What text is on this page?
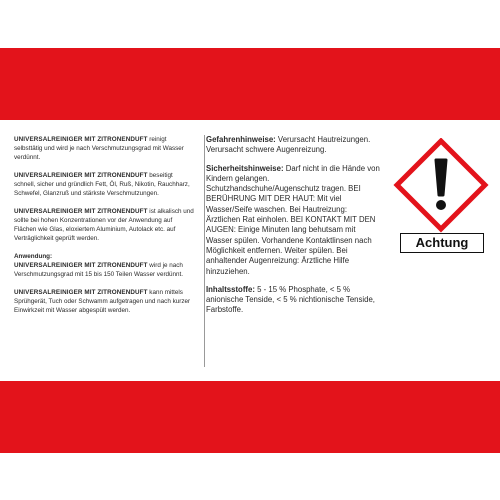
UNIVERSALREINIGER MIT ZITRONENDUFT reinigt selbsttätig und wird je nach Verschmutzungsgrad mit Wasser verdünnt.

UNIVERSALREINIGER MIT ZITRONENDUFT beseitigt schnell, sicher und gründlich Fett, Öl, Ruß, Nikotin, Rauchharz, Schwefel, Glanzruß und stärkste Verschmutzungen.

UNIVERSALREINIGER MIT ZITRONENDUFT ist alkalisch und sollte bei hohen Konzentrationen vor der Anwendung auf Flächen wie Glas, eloxiertem Aluminium, Autolack etc. auf Verträglichkeit geprüft werden.

Anwendung:
UNIVERSALREINIGER MIT ZITRONENDUFT wird je nach Verschmutzungsgrad mit 15 bis 150 Teilen Wasser verdünnt.

UNIVERSALREINIGER MIT ZITRONENDUFT kann mittels Sprühgerät, Tuch oder Schwamm aufgetragen und nach kurzer Einwirkzeit mit Wasser abgespült werden.

Gefahrenhinweise: Verursacht Hautreizungen. Verursacht schwere Augenreizung.

Sicherheitshinweise: Darf nicht in die Hände von Kindern gelangen. Schutzhandschuhe/Augenschutz tragen. BEI BERÜHRUNG MIT DER HAUT: Mit viel Wasser/Seife waschen. Bei Hautreizung: Ärztlichen Rat einholen. BEI KONTAKT MIT DEN AUGEN: Einige Minuten lang behutsam mit Wasser spülen. Vorhandene Kontaktlinsen nach Möglichkeit entfernen. Weiter spülen. Bei anhaltender Augenreizung: Ärztliche Hilfe hinzuziehen.

Inhaltsstoffe: 5 - 15 % Phosphate, < 5 % anionische Tenside, < 5 % nichtionische Tenside, Farbstoffe.

Achtung
